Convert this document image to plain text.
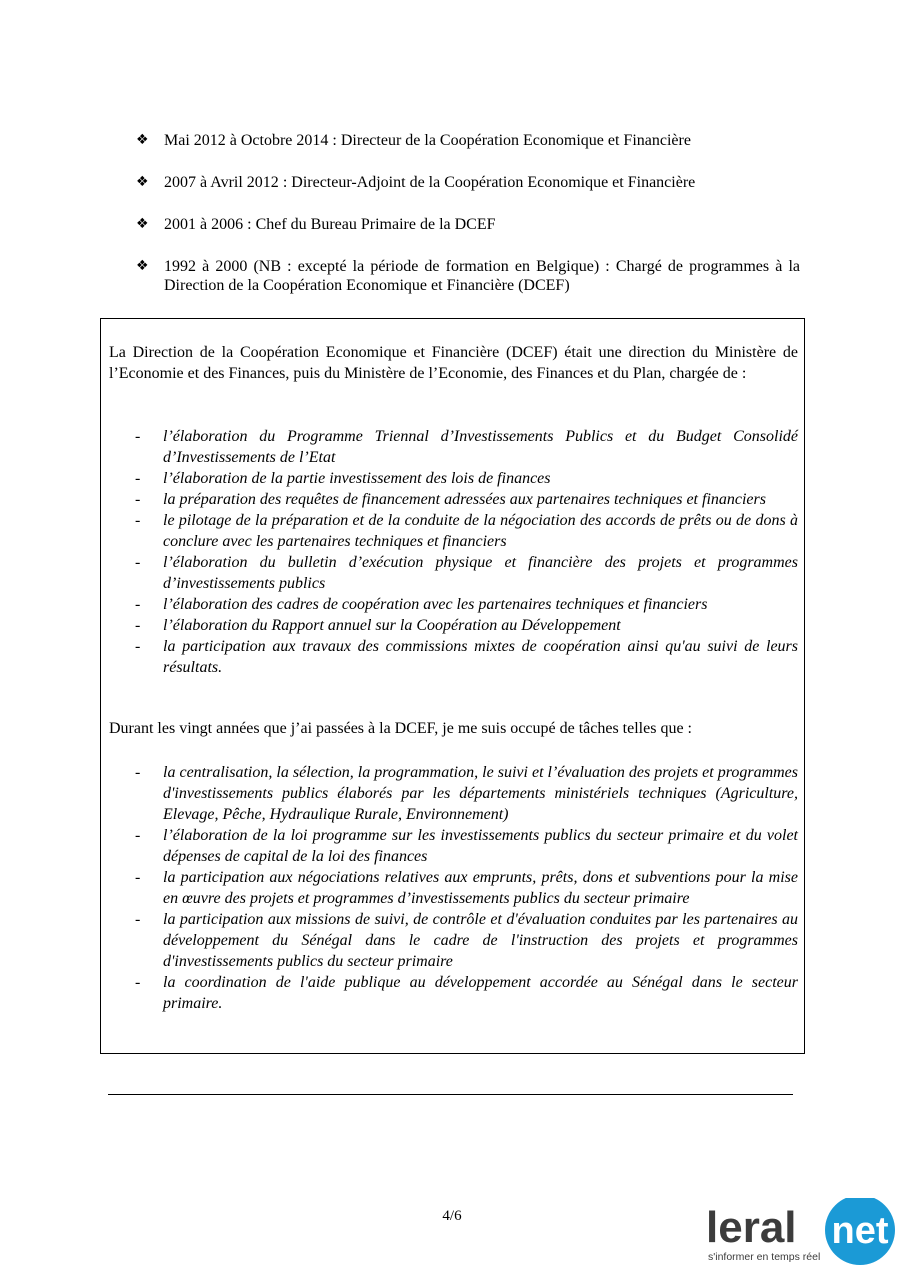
❖ Mai 2012 à Octobre 2014 : Directeur de la Coopération Economique et Financière
❖ 2007 à Avril 2012 : Directeur-Adjoint de la Coopération Economique et Financière
❖ 2001 à 2006 : Chef du Bureau Primaire de la DCEF
❖ 1992 à 2000 (NB : excepté la période de formation en Belgique) : Chargé de programmes à la Direction de la Coopération Economique et Financière (DCEF)

La Direction de la Coopération Economique et Financière (DCEF) était une direction du Ministère de l’Economie et des Finances, puis du Ministère de l’Economie, des Finances et du Plan, chargée de :

- l’élaboration du Programme Triennal d’Investissements Publics et du Budget Consolidé d’Investissements de l’Etat
- l’élaboration de la partie investissement des lois de finances
- la préparation des requêtes de financement adressées aux partenaires techniques et financiers
- le pilotage de la préparation et de la conduite de la négociation des accords de prêts ou de dons à conclure avec les partenaires techniques et financiers
- l’élaboration du bulletin d’exécution physique et financière des projets et programmes d’investissements publics
- l’élaboration des cadres de coopération avec les partenaires techniques et financiers
- l’élaboration du Rapport annuel sur la Coopération au Développement
- la participation aux travaux des commissions mixtes de coopération ainsi qu'au suivi de leurs résultats.

Durant les vingt années que j’ai passées à la DCEF, je me suis occupé de tâches telles que :

- la centralisation, la sélection, la programmation, le suivi et l’évaluation des projets et programmes d'investissements publics élaborés par les départements ministériels techniques (Agriculture, Elevage, Pêche, Hydraulique Rurale, Environnement)
- l’élaboration de la loi programme sur les investissements publics du secteur primaire et du volet dépenses de capital de la loi des finances
- la participation aux négociations relatives aux emprunts, prêts, dons et subventions pour la mise en œuvre des projets et programmes d’investissements publics du secteur primaire
- la participation aux missions de suivi, de contrôle et d'évaluation conduites par les partenaires au développement du Sénégal dans le cadre de l'instruction des projets et programmes d'investissements publics du secteur primaire
- la coordination de l'aide publique au développement accordée au Sénégal dans le secteur primaire.
4/6	leral net
s'informer en temps réel
